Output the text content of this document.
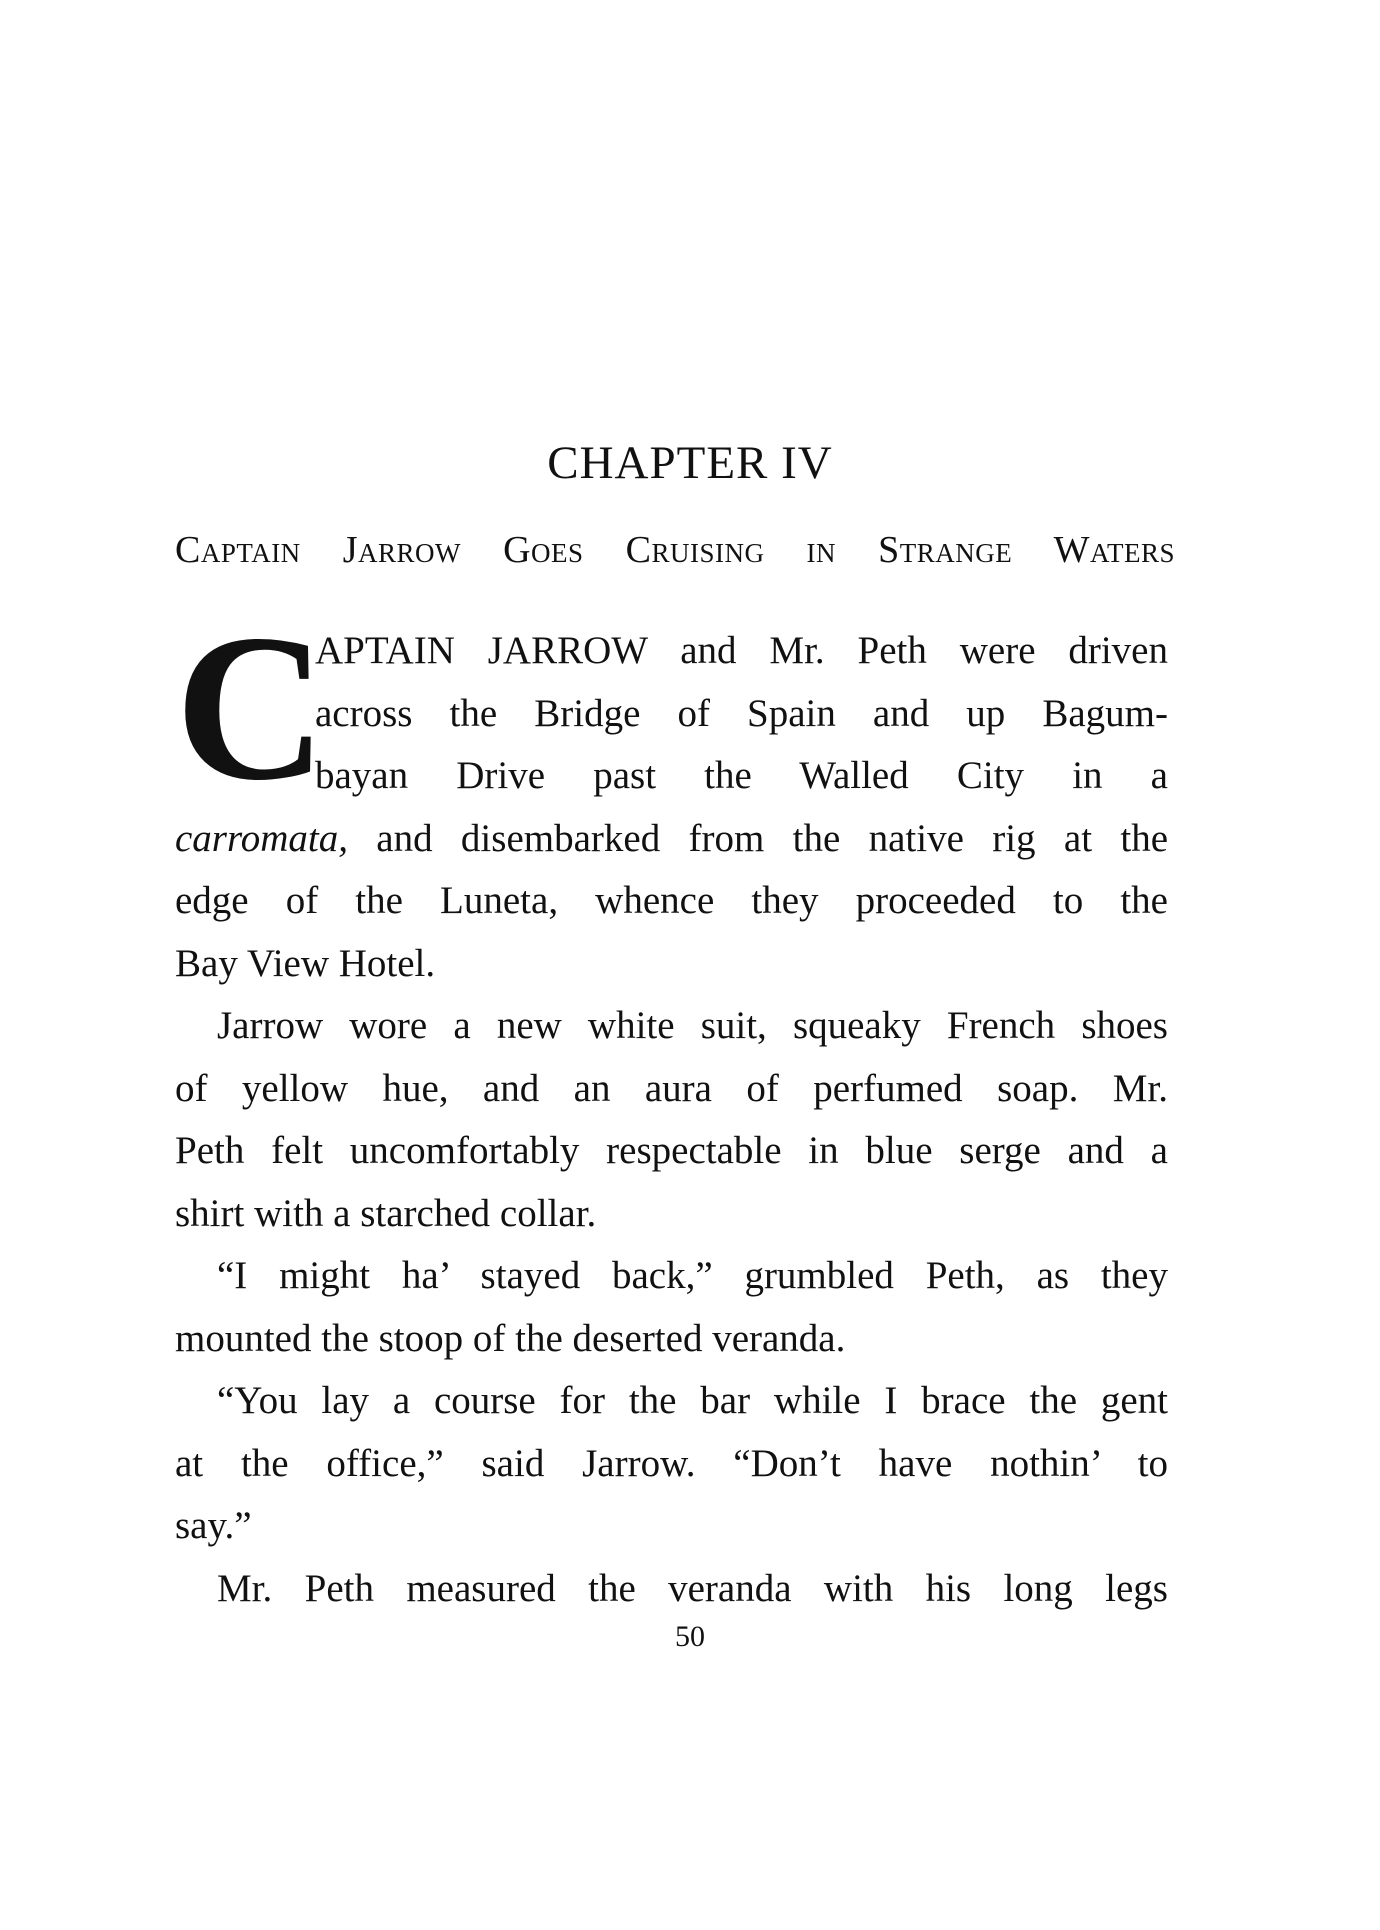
CHAPTER IV
Captain Jarrow Goes Cruising in Strange Waters
C
APTAIN JARROW and Mr. Peth were driven
across the Bridge of Spain and up Bagum-
bayan Drive past the Walled City in a
carromata, and disembarked from the native rig at the
edge of the Luneta, whence they proceeded to the
Bay View Hotel.
Jarrow wore a new white suit, squeaky French shoes
of yellow hue, and an aura of perfumed soap. Mr.
Peth felt uncomfortably respectable in blue serge and a
shirt with a starched collar.
“I might ha’ stayed back,” grumbled Peth, as they
mounted the stoop of the deserted veranda.
“You lay a course for the bar while I brace the gent
at the office,” said Jarrow. “Don’t have nothin’ to
say.”
Mr. Peth measured the veranda with his long legs
50
